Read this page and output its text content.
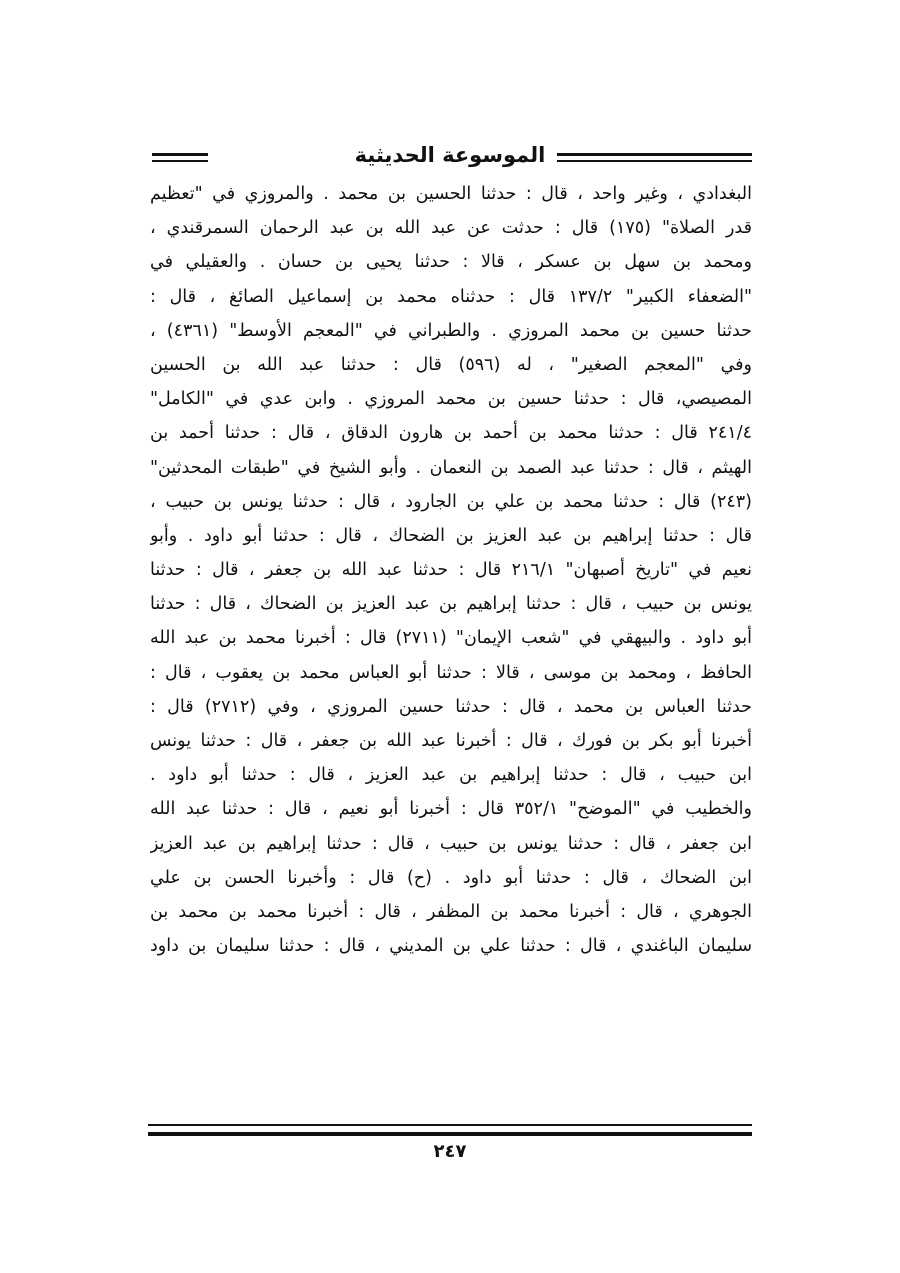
الموسوعة الحديثية
البغدادي ، وغير واحد ، قال : حدثنا الحسين بن محمد . والمروزي في "تعظيم
قدر الصلاة" (١٧٥) قال : حدثت عن عبد الله بن عبد الرحمان السمرقندي ،
ومحمد بن سهل بن عسكر ، قالا : حدثنا يحيى بن حسان . والعقيلي في
"الضعفاء الكبير" ١٣٧/٢ قال : حدثناه محمد بن إسماعيل الصائغ ، قال :
حدثنا حسين بن محمد المروزي . والطبراني في "المعجم الأوسط" (٤٣٦١) ،
وفي "المعجم الصغير" ، له (٥٩٦) قال : حدثنا عبد الله بن الحسين
المصيصي، قال : حدثنا حسين بن محمد المروزي . وابن عدي في "الكامل"
٢٤١/٤ قال : حدثنا محمد بن أحمد بن هارون الدقاق ، قال : حدثنا أحمد بن
الهيثم ، قال : حدثنا عبد الصمد بن النعمان . وأبو الشيخ في "طبقات المحدثين"
(٢٤٣) قال : حدثنا محمد بن علي بن الجارود ، قال : حدثنا يونس بن حبيب ،
قال : حدثنا إبراهيم بن عبد العزيز بن الضحاك ، قال : حدثنا أبو داود . وأبو
نعيم في "تاريخ أصبهان" ٢١٦/١ قال : حدثنا عبد الله بن جعفر ، قال : حدثنا
يونس بن حبيب ، قال : حدثنا إبراهيم بن عبد العزيز بن الضحاك ، قال : حدثنا
أبو داود . والبيهقي في "شعب الإيمان" (٢٧١١) قال : أخبرنا محمد بن عبد الله
الحافظ ، ومحمد بن موسى ، قالا : حدثنا أبو العباس محمد بن يعقوب ، قال :
حدثنا العباس بن محمد ، قال : حدثنا حسين المروزي ، وفي (٢٧١٢) قال :
أخبرنا أبو بكر بن فورك ، قال : أخبرنا عبد الله بن جعفر ، قال : حدثنا يونس
ابن حبيب ، قال : حدثنا إبراهيم بن عبد العزيز ، قال : حدثنا أبو داود .
والخطيب في "الموضح" ٣٥٢/١ قال : أخبرنا أبو نعيم ، قال : حدثنا عبد الله
ابن جعفر ، قال : حدثنا يونس بن حبيب ، قال : حدثنا إبراهيم بن عبد العزيز
ابن الضحاك ، قال : حدثنا أبو داود . (ح) قال : وأخبرنا الحسن بن علي
الجوهري ، قال : أخبرنا محمد بن المظفر ، قال : أخبرنا محمد بن محمد بن
سليمان الباغندي ، قال : حدثنا علي بن المديني ، قال : حدثنا سليمان بن داود
٢٤٧
